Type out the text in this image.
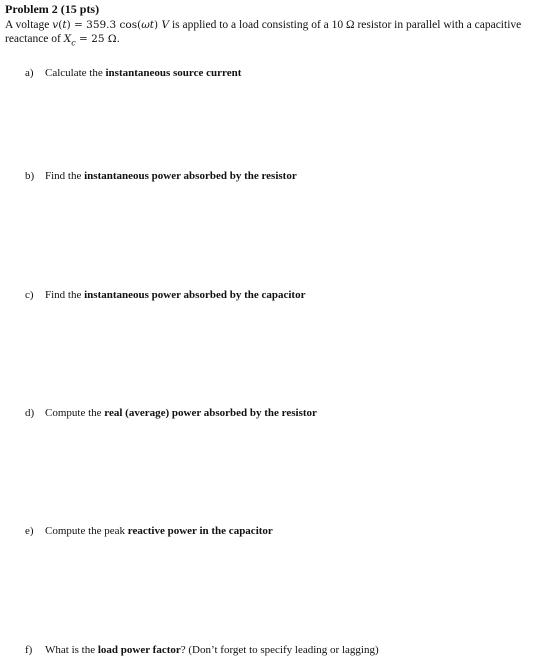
Problem 2 (15 pts)
A voltage v(t) = 359.3 cos(ωt) V is applied to a load consisting of a 10 Ω resistor in parallel with a capacitive
reactance of $X_c = 25$ Ω.
a) Calculate the instantaneous source current
b) Find the instantaneous power absorbed by the resistor
c) Find the instantaneous power absorbed by the capacitor
d) Compute the real (average) power absorbed by the resistor
e) Compute the peak reactive power in the capacitor
f) What is the load power factor? (Don’t forget to specify leading or lagging)
